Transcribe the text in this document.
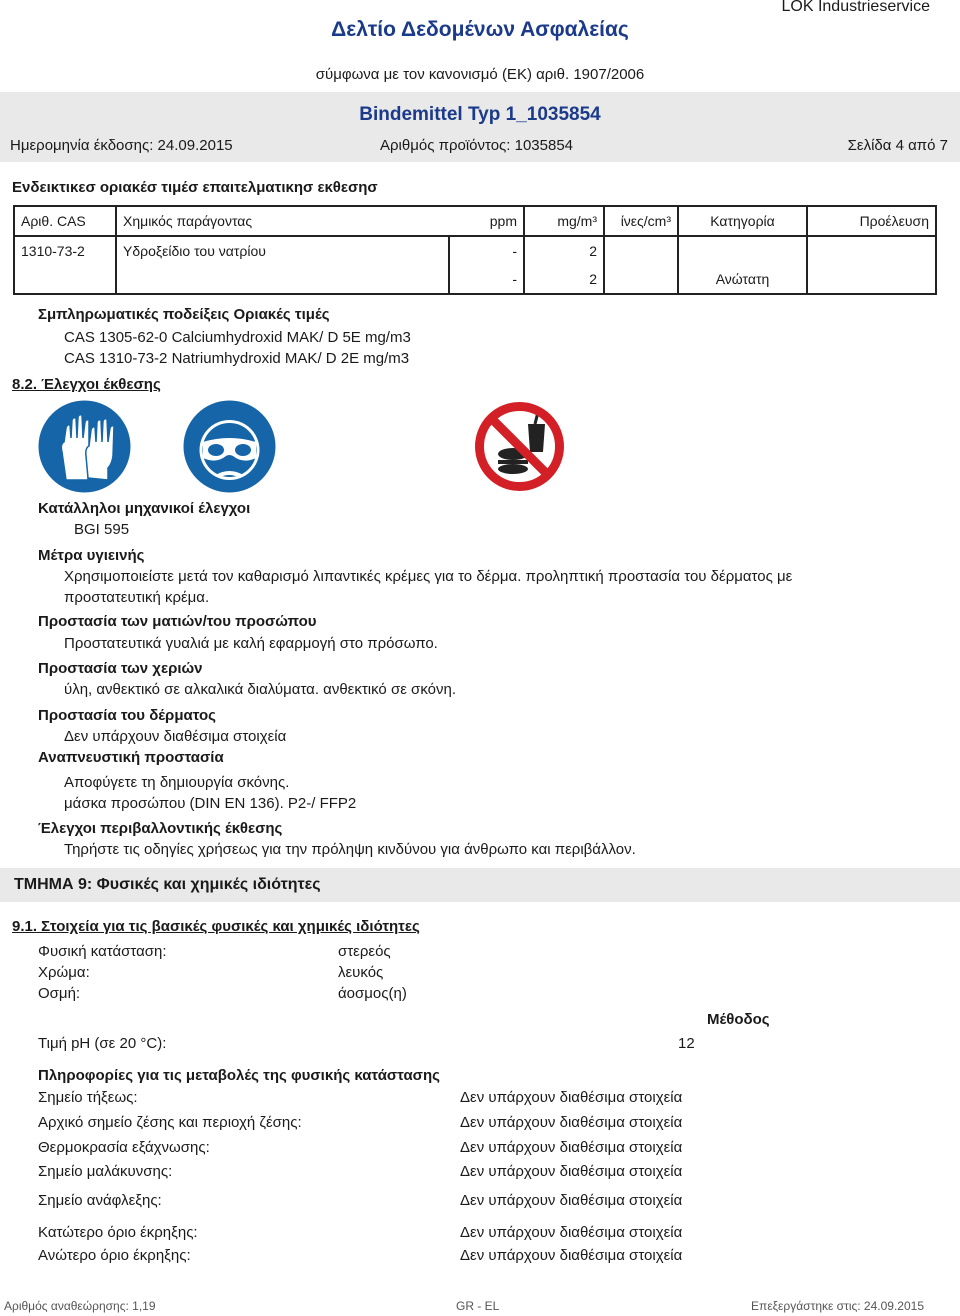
Δελτίο Δεδομένων Ασφαλείας
LOK Industrieservice
σύμφωνα με τον κανονισμό (ΕΚ) αριθ. 1907/2006
Bindemittel Typ 1_1035854
Ημερομηνία έκδοσης: 24.09.2015	Αριθμός προϊόντος: 1035854	Σελίδα 4 από 7
Ενδεικτικεσ οριακέσ τιμέσ επαιτελματικησ εκθεσησ
Αριθ. CAS	Χημικός παράγοντας	ppm	mg/m³	ίνες/cm³	Κατηγορία	Προέλευση
1310-73-2	Υδροξείδιο του νατρίου	-	2			
		-	2		Ανώτατη	
Σμπληρωματικές ποδείξεις Οριακές τιμές
CAS 1305-62-0 Calciumhydroxid MAK/ D 5E mg/m3
CAS 1310-73-2 Natriumhydroxid MAK/ D 2E mg/m3
8.2. Έλεγχοι έκθεσης
Κατάλληλοι μηχανικοί έλεγχοι
BGI 595
Μέτρα υγιεινής
Χρησιμοποιείστε μετά τον καθαρισμό λιπαντικές κρέμες για το δέρμα. προληπτική προστασία του δέρματος με
προστατευτική κρέμα.
Προστασία των ματιών/του προσώπου
Προστατευτικά γυαλιά με καλή εφαρμογή στο πρόσωπο.
Προστασία των χεριών
ύλη, ανθεκτικό σε αλκαλικά διαλύματα. ανθεκτικό σε σκόνη.
Προστασία του δέρματος
Δεν υπάρχουν διαθέσιμα στοιχεία
Αναπνευστική προστασία
Αποφύγετε τη δημιουργία σκόνης.
μάσκα προσώπου (DIN EN 136). P2-/ FFP2
Έλεγχοι περιβαλλοντικής έκθεσης
Τηρήστε τις οδηγίες χρήσεως για την πρόληψη κινδύνου για άνθρωπο και περιβάλλον.
ΤΜΗΜΑ 9: Φυσικές και χημικές ιδιότητες
9.1. Στοιχεία για τις βασικές φυσικές και χημικές ιδιότητες
Φυσική κατάσταση:	στερεός
Χρώμα:	λευκός
Οσμή:	άοσμος(η)
Μέθοδος
Τιμή pH (σε 20 °C):	12
Πληροφορίες για τις μεταβολές της φυσικής κατάστασης
Σημείο τήξεως:	Δεν υπάρχουν διαθέσιμα στοιχεία
Αρχικό σημείο ζέσης και περιοχή ζέσης:	Δεν υπάρχουν διαθέσιμα στοιχεία
Θερμοκρασία εξάχνωσης:	Δεν υπάρχουν διαθέσιμα στοιχεία
Σημείο μαλάκυνσης:	Δεν υπάρχουν διαθέσιμα στοιχεία
Σημείο ανάφλεξης:	Δεν υπάρχουν διαθέσιμα στοιχεία
Κατώτερο όριο έκρηξης:	Δεν υπάρχουν διαθέσιμα στοιχεία
Ανώτερο όριο έκρηξης:	Δεν υπάρχουν διαθέσιμα στοιχεία
Αριθμός αναθεώρησης: 1,19	GR - EL	Επεξεργάστηκε στις: 24.09.2015
